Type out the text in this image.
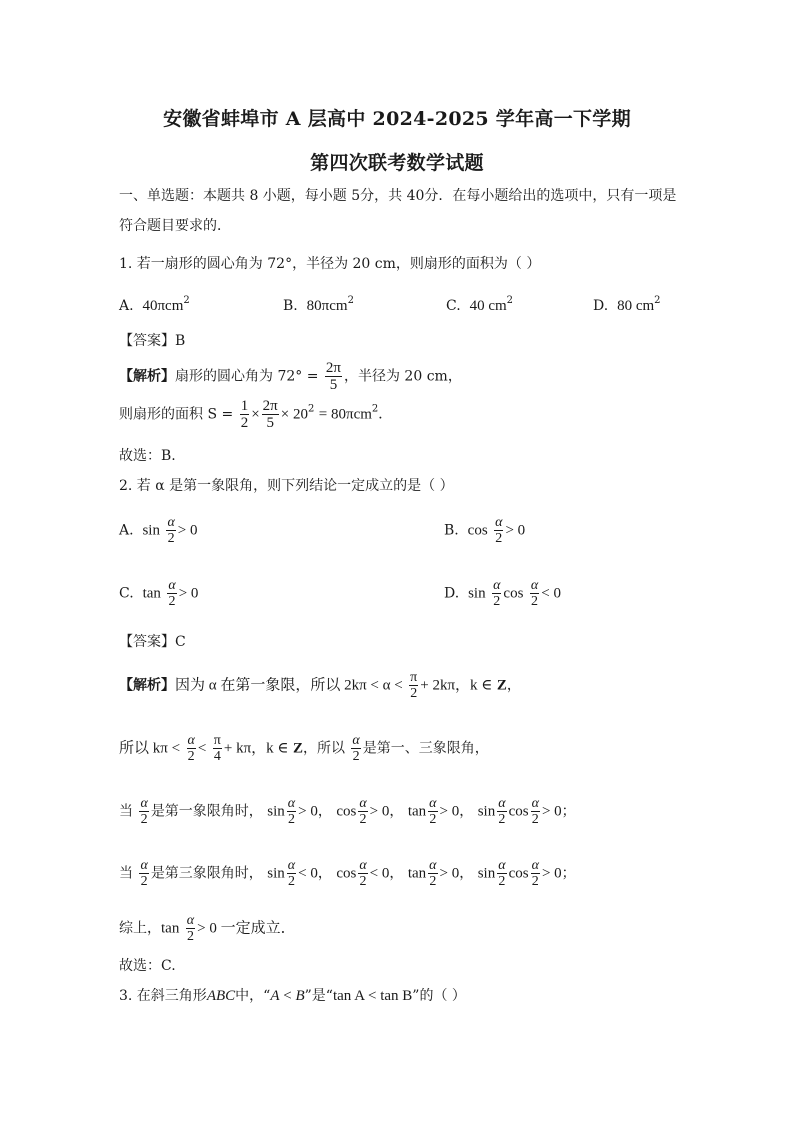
安徽省蚌埠市 A 层高中 2024-2025 学年高一下学期
第四次联考数学试题
一、单选题：本题共 8 小题，每小题 5分，共 40分．在每小题给出的选项中，只有一项是
符合题目要求的．
1. 若一扇形的圆心角为 72°，半径为 20 cm，则扇形的面积为（ ）
A. 40πcm$^2$	B. 80πcm$^2$	C. 40 $cm^2$	D. 80 $cm^2$
【答案】B
【解析】扇形的圆心角为 $72^\circ = \frac{2\pi}{5}$ ，半径为 20 cm，
则扇形的面积 $S = \frac{1}{2} \times \frac{2\pi}{5} \times 20^2 = 80\pi cm^2$．
故选：B.
2. 若 α 是第一象限角，则下列结论一定成立的是（ ）
A. $\sin \frac{\alpha}{2} > 0$	B. $\cos \frac{\alpha}{2} > 0$
C. $\tan \frac{\alpha}{2} > 0$	D. $\sin \frac{\alpha}{2}$ $\cos \frac{\alpha}{2} < 0$
【答案】C
【解析】因为 α 在第一象限，所以 $2k\pi < \alpha < \frac{\pi}{2} + 2k\pi$，k ∈ Z，
所以 $k\pi < \frac{\alpha}{2} < \frac{\pi}{4} + k\pi$，k ∈ Z，所以 $\frac{\alpha}{2}$ 是第一、三象限角，
当 $\frac{\alpha}{2}$ 是第一象限角时， $\sin \frac{\alpha}{2} > 0$， $\cos \frac{\alpha}{2} > 0$， $\tan \frac{\alpha}{2} > 0$， $\sin \frac{\alpha}{2}$ $\cos \frac{\alpha}{2} > 0$；
当 $\frac{\alpha}{2}$ 是第三象限角时， $\sin \frac{\alpha}{2} < 0$， $\cos \frac{\alpha}{2} < 0$， $\tan \frac{\alpha}{2} > 0$， $\sin \frac{\alpha}{2}$ $\cos \frac{\alpha}{2} > 0$；
综上，$\tan \frac{\alpha}{2} > 0$ 一定成立．
故选：C.
3. 在斜三角形ABC中，“A < B”是“tan A < tan B”的（ ）
